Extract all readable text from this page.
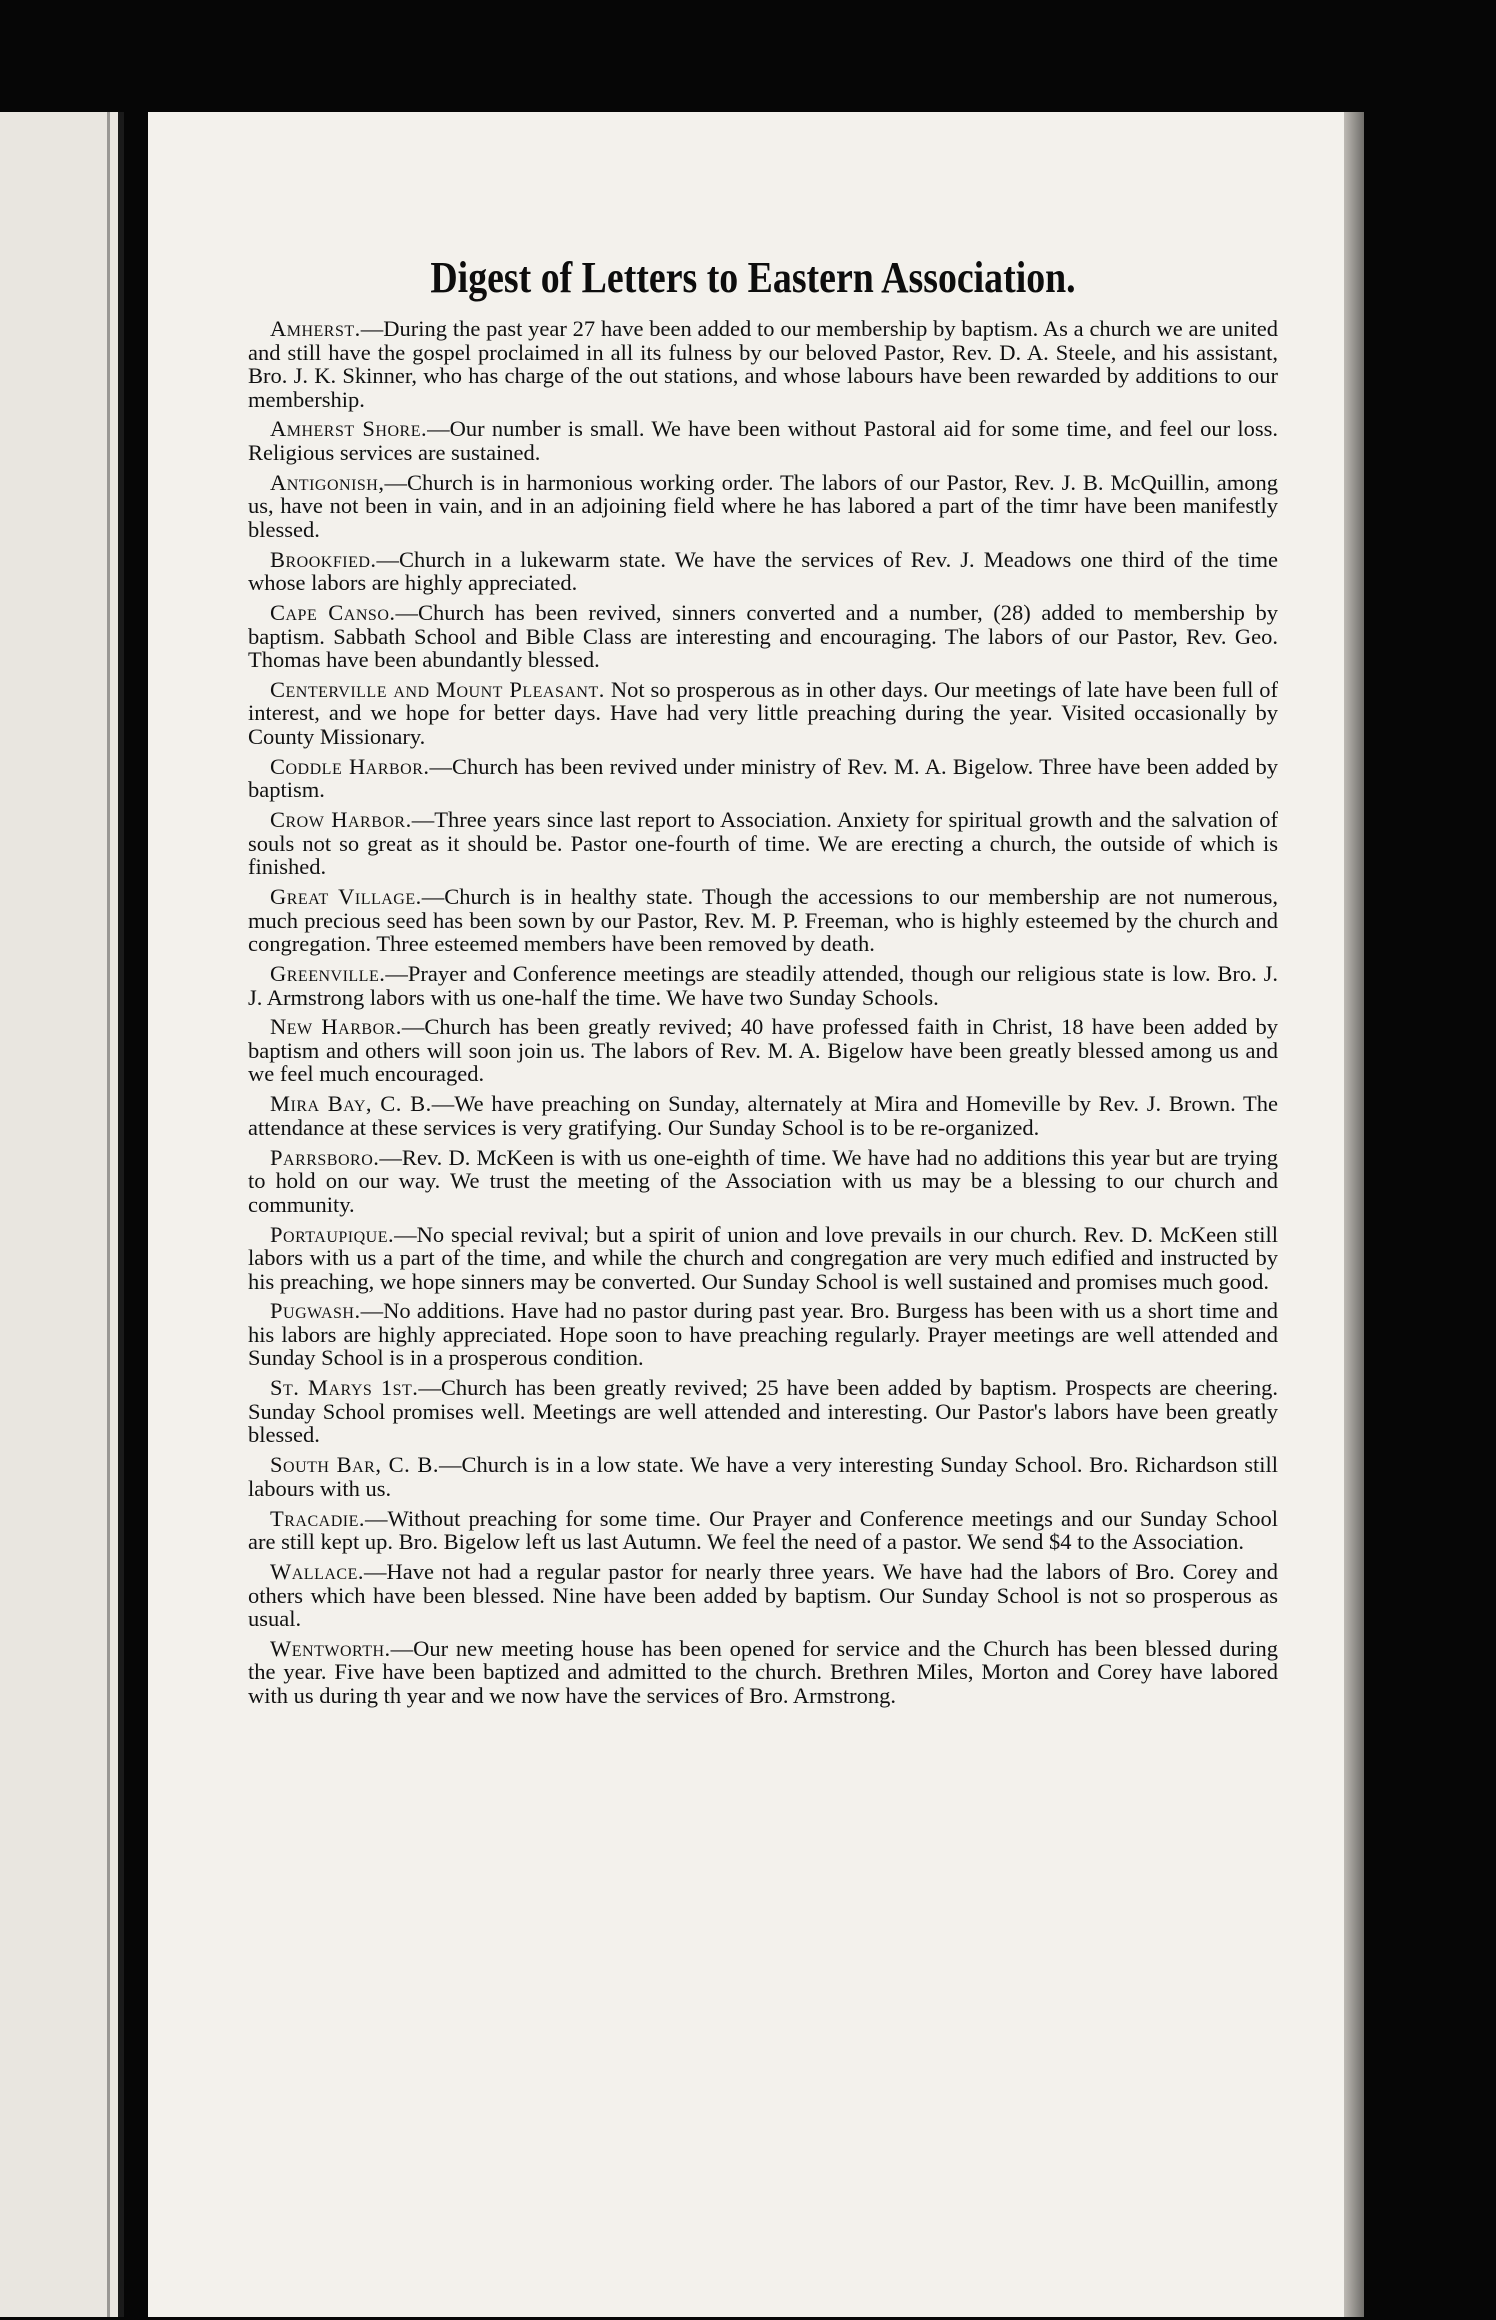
Digest of Letters to Eastern Association.

Amherst.—During the past year 27 have been added to our membership by baptism. As a church we are united and still have the gospel proclaimed in all its fulness by our beloved Pastor, Rev. D. A. Steele, and his assistant, Bro. J. K. Skinner, who has charge of the out stations, and whose labours have been rewarded by additions to our membership.

Amherst Shore.—Our number is small. We have been without Pastoral aid for some time, and feel our loss. Religious services are sustained.

Antigonish,—Church is in harmonious working order. The labors of our Pastor, Rev. J. B. McQuillin, among us, have not been in vain, and in an adjoining field where he has labored a part of the timr have been manifestly blessed.

Brookfied.—Church in a lukewarm state. We have the services of Rev. J. Meadows one third of the time whose labors are highly appreciated.

Cape Canso.—Church has been revived, sinners converted and a number, (28) added to membership by baptism. Sabbath School and Bible Class are interesting and encouraging. The labors of our Pastor, Rev. Geo. Thomas have been abundantly blessed.

Centerville and Mount Pleasant. Not so prosperous as in other days. Our meetings of late have been full of interest, and we hope for better days. Have had very little preaching during the year. Visited occasionally by County Missionary.

Coddle Harbor.—Church has been revived under ministry of Rev. M. A. Bigelow. Three have been added by baptism.

Crow Harbor.—Three years since last report to Association. Anxiety for spiritual growth and the salvation of souls not so great as it should be. Pastor one-fourth of time. We are erecting a church, the outside of which is finished.

Great Village.—Church is in healthy state. Though the accessions to our membership are not numerous, much precious seed has been sown by our Pastor, Rev. M. P. Freeman, who is highly esteemed by the church and congregation. Three esteemed members have been removed by death.

Greenville.—Prayer and Conference meetings are steadily attended, though our religious state is low. Bro. J. J. Armstrong labors with us one-half the time. We have two Sunday Schools.

New Harbor.—Church has been greatly revived; 40 have professed faith in Christ, 18 have been added by baptism and others will soon join us. The labors of Rev. M. A. Bigelow have been greatly blessed among us and we feel much encouraged.

Mira Bay, C. B.—We have preaching on Sunday, alternately at Mira and Homeville by Rev. J. Brown. The attendance at these services is very gratifying. Our Sunday School is to be re-organized.

Parrsboro.—Rev. D. McKeen is with us one-eighth of time. We have had no additions this year but are trying to hold on our way. We trust the meeting of the Association with us may be a blessing to our church and community.

Portaupique.—No special revival; but a spirit of union and love prevails in our church. Rev. D. McKeen still labors with us a part of the time, and while the church and congregation are very much edified and instructed by his preaching, we hope sinners may be converted. Our Sunday School is well sustained and promises much good.

Pugwash.—No additions. Have had no pastor during past year. Bro. Burgess has been with us a short time and his labors are highly appreciated. Hope soon to have preaching regularly. Prayer meetings are well attended and Sunday School is in a prosperous condition.

St. Marys 1st.—Church has been greatly revived; 25 have been added by baptism. Prospects are cheering. Sunday School promises well. Meetings are well attended and interesting. Our Pastor's labors have been greatly blessed.

South Bar, C. B.—Church is in a low state. We have a very interesting Sunday School. Bro. Richardson still labours with us.

Tracadie.—Without preaching for some time. Our Prayer and Conference meetings and our Sunday School are still kept up. Bro. Bigelow left us last Autumn. We feel the need of a pastor. We send $4 to the Association.

Wallace.—Have not had a regular pastor for nearly three years. We have had the labors of Bro. Corey and others which have been blessed. Nine have been added by baptism. Our Sunday School is not so prosperous as usual.

Wentworth.—Our new meeting house has been opened for service and the Church has been blessed during the year. Five have been baptized and admitted to the church. Brethren Miles, Morton and Corey have labored with us during th year and we now have the services of Bro. Armstrong.
